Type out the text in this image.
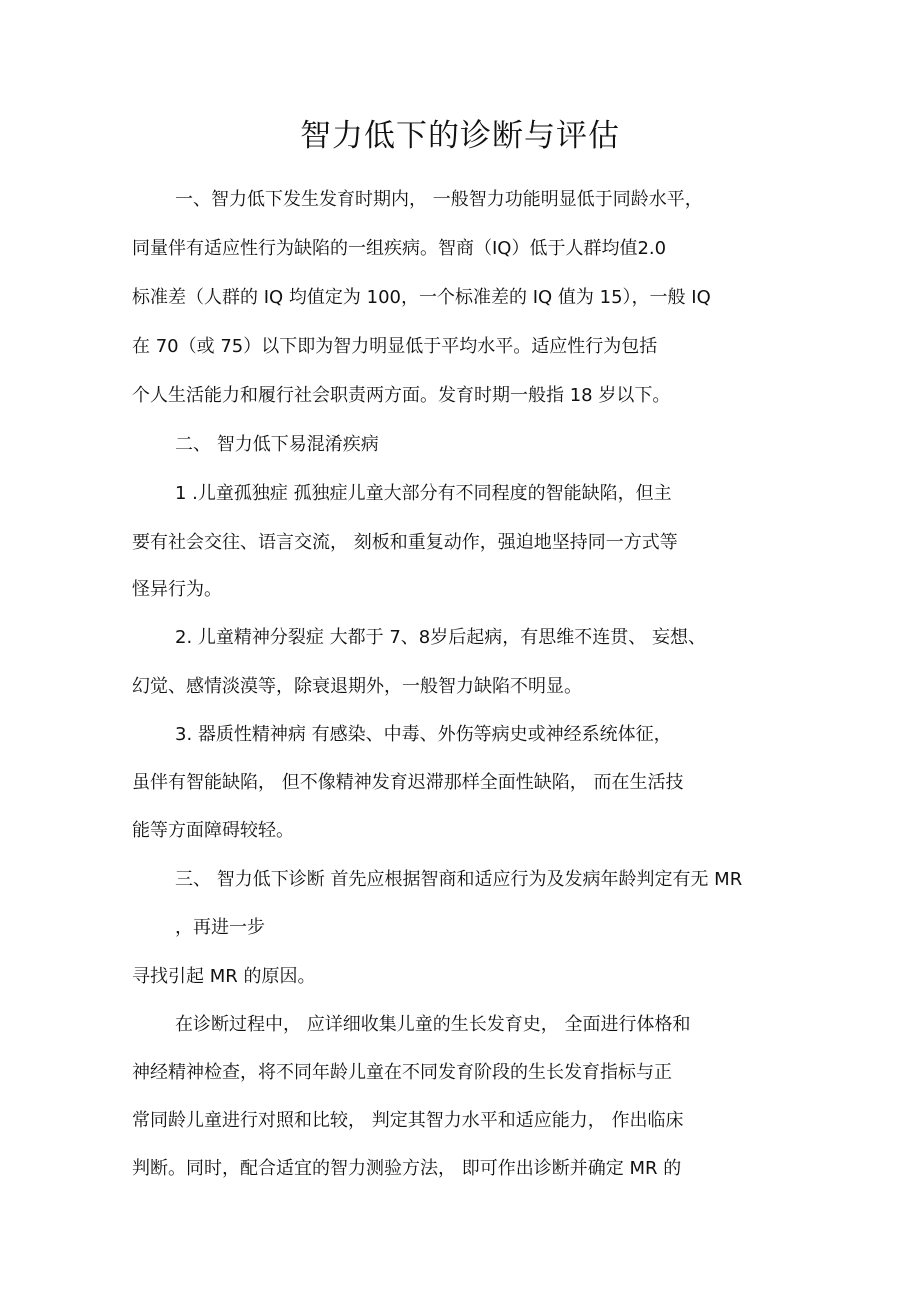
智力低下的诊断与评估
一、智力低下发生发育时期内， 一般智力功能明显低于同龄水平，
同量伴有适应性行为缺陷的一组疾病。智商（IQ）低于人群均值2.0
标准差（人群的 IQ 均值定为 100，一个标准差的 IQ 值为 15），一般 IQ
在 70（或 75）以下即为智力明显低于平均水平。适应性行为包括
个人生活能力和履行社会职责两方面。发育时期一般指 18 岁以下。
二、 智力低下易混淆疾病
1 .儿童孤独症 孤独症儿童大部分有不同程度的智能缺陷，但主
要有社会交往、语言交流， 刻板和重复动作，强迫地坚持同一方式等
怪异行为。
2. 儿童精神分裂症 大都于 7、8岁后起病，有思维不连贯、 妄想、
幻觉、感情淡漠等，除衰退期外，一般智力缺陷不明显。
3. 器质性精神病 有感染、中毒、外伤等病史或神经系统体征，
虽伴有智能缺陷， 但不像精神发育迟滞那样全面性缺陷， 而在生活技
能等方面障碍较轻。
三、 智力低下诊断 首先应根据智商和适应行为及发病年龄判定有无 MR
，再进一步
寻找引起 MR 的原因。
在诊断过程中， 应详细收集儿童的生长发育史， 全面进行体格和
神经精神检查，将不同年龄儿童在不同发育阶段的生长发育指标与正
常同龄儿童进行对照和比较， 判定其智力水平和适应能力， 作出临床
判断。同时，配合适宜的智力测验方法， 即可作出诊断并确定 MR 的
